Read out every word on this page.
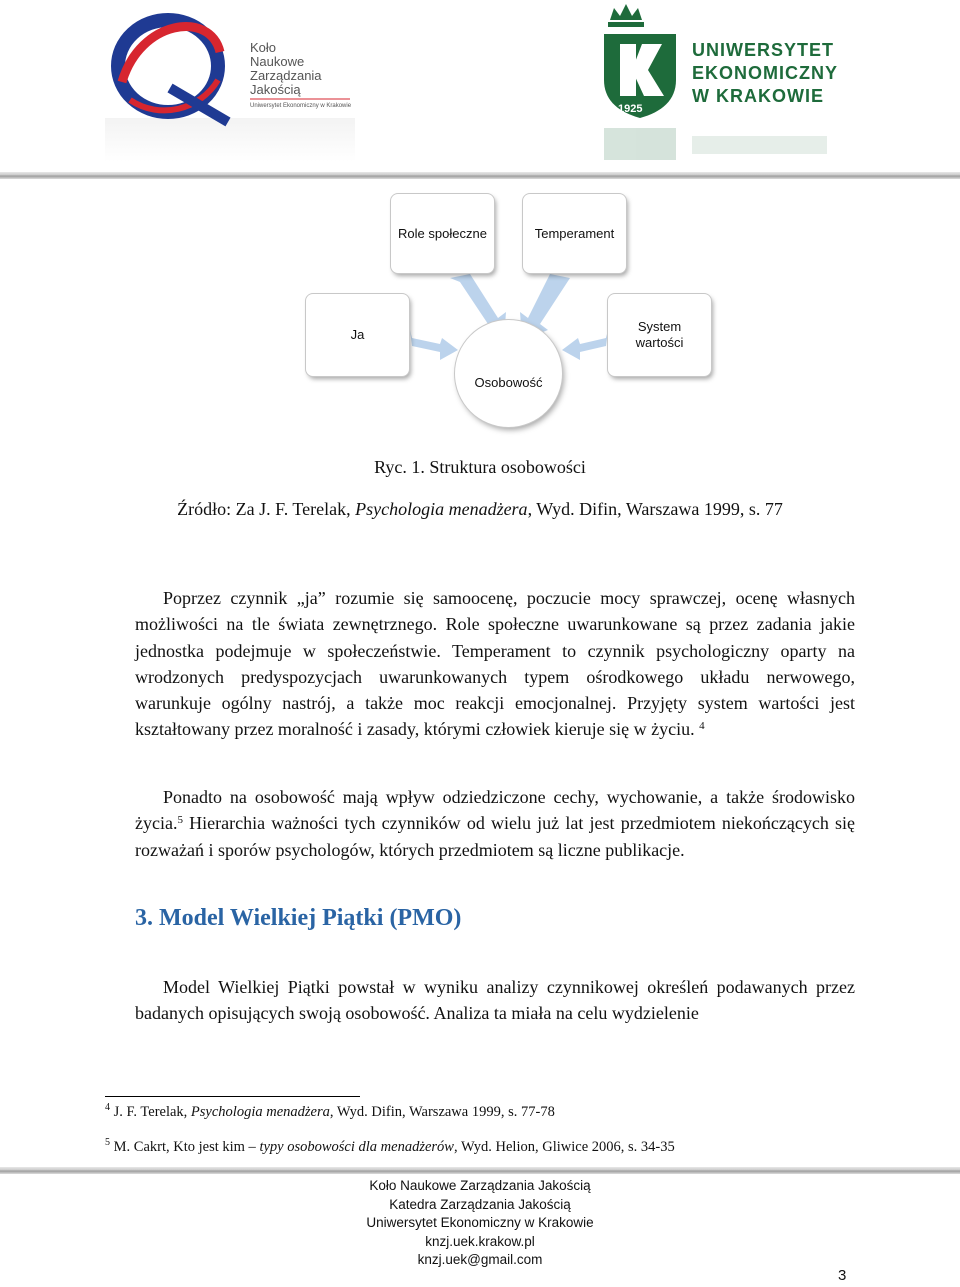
Koło
Naukowe
Zarządzania
Jakością
Uniwersytet Ekonomiczny w Krakowie	1925
UNIWERSYTET
EKONOMICZNY
W KRAKOWIE
Role społeczne	Temperament
Ja
System
wartości
Osobowość
Ryc. 1. Struktura osobowości
Źródło: Za J. F. Terelak, Psychologia menadżera, Wyd. Difin, Warszawa 1999, s. 77

Poprzez czynnik „ja” rozumie się samoocenę, poczucie mocy sprawczej, ocenę własnych możliwości na tle świata zewnętrznego. Role społeczne uwarunkowane są przez zadania jakie jednostka podejmuje w społeczeństwie. Temperament to czynnik psychologiczny oparty na wrodzonych predyspozycjach uwarunkowanych typem ośrodkowego układu nerwowego, warunkuje ogólny nastrój, a także moc reakcji emocjonalnej. Przyjęty system wartości jest kształtowany przez moralność i zasady, którymi człowiek kieruje się w życiu. $^4$

Ponadto na osobowość mają wpływ odziedziczone cechy, wychowanie, a także środowisko życia.$^5$ Hierarchia ważności tych czynników od wielu już lat jest przedmiotem niekończących się rozważań i sporów psychologów, których przedmiotem są liczne publikacje.

3. Model Wielkiej Piątki (PMO)

Model Wielkiej Piątki powstał w wyniku analizy czynnikowej określeń podawanych przez badanych opisujących swoją osobowość. Analiza ta miała na celu wydzielenie

$^4$ J. F. Terelak, Psychologia menadżera, Wyd. Difin, Warszawa 1999, s. 77-78
$^5$ M. Cakrt, Kto jest kim – typy osobowości dla menadżerów, Wyd. Helion, Gliwice 2006, s. 34-35
Koło Naukowe Zarządzania Jakością
Katedra Zarządzania Jakością
Uniwersytet Ekonomiczny w Krakowie
knzj.uek.krakow.pl
knzj.uek@gmail.com
3
